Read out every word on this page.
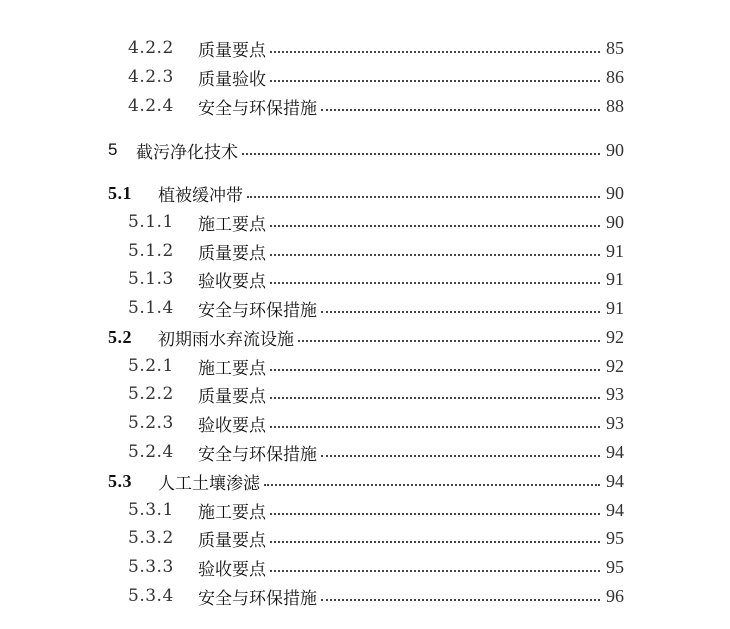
4.2.2	质量要点	85
4.2.3	质量验收	86
4.2.4	安全与环保措施	88
5	截污净化技术	90
5.1	植被缓冲带	90
5.1.1	施工要点	90
5.1.2	质量要点	91
5.1.3	验收要点	91
5.1.4	安全与环保措施	91
5.2	初期雨水弃流设施	92
5.2.1	施工要点	92
5.2.2	质量要点	93
5.2.3	验收要点	93
5.2.4	安全与环保措施	94
5.3	人工土壤渗滤	94
5.3.1	施工要点	94
5.3.2	质量要点	95
5.3.3	验收要点	95
5.3.4	安全与环保措施	96
